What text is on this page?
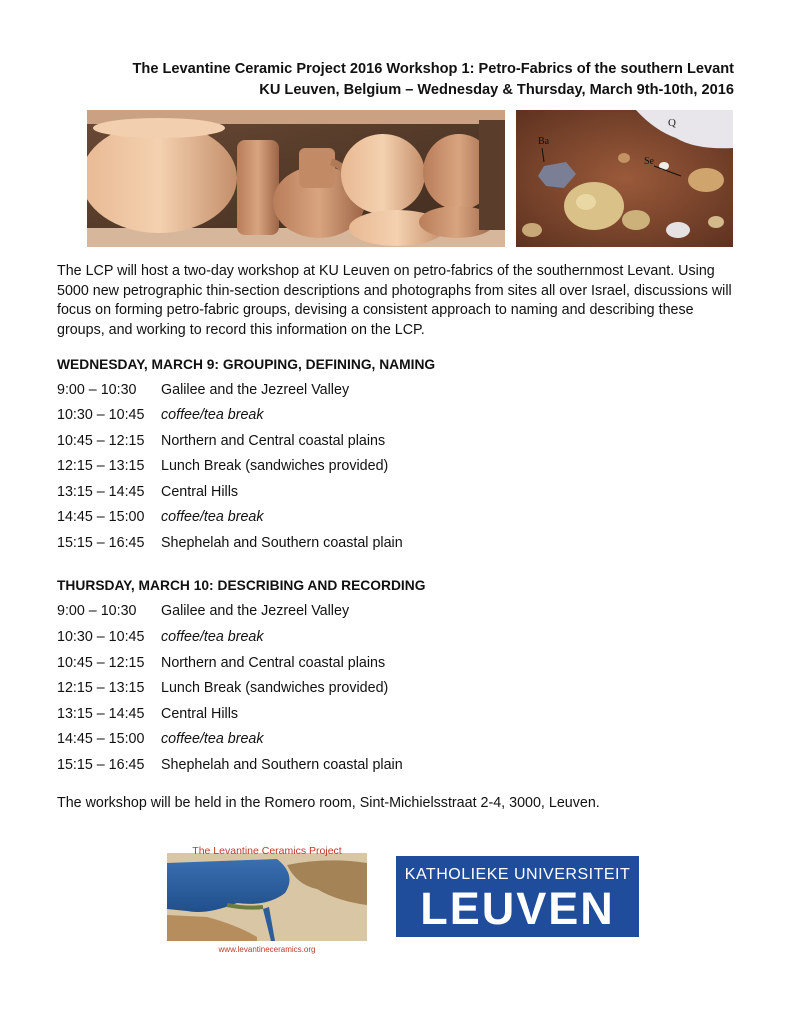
The Levantine Ceramic Project 2016 Workshop 1: Petro-Fabrics of the southern Levant
KU Leuven, Belgium – Wednesday & Thursday, March 9th-10th, 2016
Q
Ba
Se
The LCP will host a two-day workshop at KU Leuven on petro-fabrics of the southernmost Levant. Using 5000 new petrographic thin-section descriptions and photographs from sites all over Israel, discussions will focus on forming petro-fabric groups, devising a consistent approach to naming and describing these groups, and working to record this information on the LCP.
WEDNESDAY, MARCH 9: GROUPING, DEFINING, NAMING
9:00 – 10:30 Galilee and the Jezreel Valley
10:30 – 10:45 coffee/tea break
10:45 – 12:15 Northern and Central coastal plains
12:15 – 13:15 Lunch Break (sandwiches provided)
13:15 – 14:45 Central Hills
14:45 – 15:00 coffee/tea break
15:15 – 16:45 Shephelah and Southern coastal plain
THURSDAY, MARCH 10: DESCRIBING AND RECORDING
9:00 – 10:30 Galilee and the Jezreel Valley
10:30 – 10:45 coffee/tea break
10:45 – 12:15 Northern and Central coastal plains
12:15 – 13:15 Lunch Break (sandwiches provided)
13:15 – 14:45 Central Hills
14:45 – 15:00 coffee/tea break
15:15 – 16:45 Shephelah and Southern coastal plain
The workshop will be held in the Romero room, Sint-Michielsstraat 2-4, 3000, Leuven.
The Levantine Ceramics Project
www.levantineceramics.org
KATHOLIEKE UNIVERSITEIT
LEUVEN
